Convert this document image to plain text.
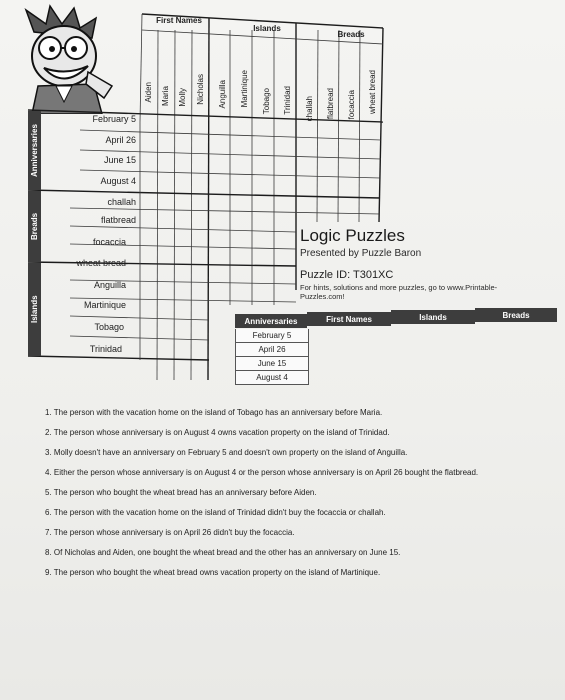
First Names
Islands
Breads
Aiden Maria Molly Nicholas Anguilla Martinique Tobago Trinidad challah flatbread focaccia wheat bread
Anniversaries
Breads
Islands
February 5
April 26
June 15
August 4
challah
flatbread
focaccia
wheat bread
Anguilla
Martinique
Tobago
Trinidad
Logic Puzzles
Presented by Puzzle Baron
Puzzle ID: T301XC
For hints, solutions and more puzzles, go to www.Printable-Puzzles.com!
Anniversaries	First Names	Islands	Breads
February 5
April 26
June 15
August 4
1. The person with the vacation home on the island of Tobago has an anniversary before Maria.
2. The person whose anniversary is on August 4 owns vacation property on the island of Trinidad.
3. Molly doesn't have an anniversary on February 5 and doesn't own property on the island of Anguilla.
4. Either the person whose anniversary is on August 4 or the person whose anniversary is on April 26 bought the flatbread.
5. The person who bought the wheat bread has an anniversary before Aiden.
6. The person with the vacation home on the island of Trinidad didn't buy the focaccia or challah.
7. The person whose anniversary is on April 26 didn't buy the focaccia.
8. Of Nicholas and Aiden, one bought the wheat bread and the other has an anniversary on June 15.
9. The person who bought the wheat bread owns vacation property on the island of Martinique.
